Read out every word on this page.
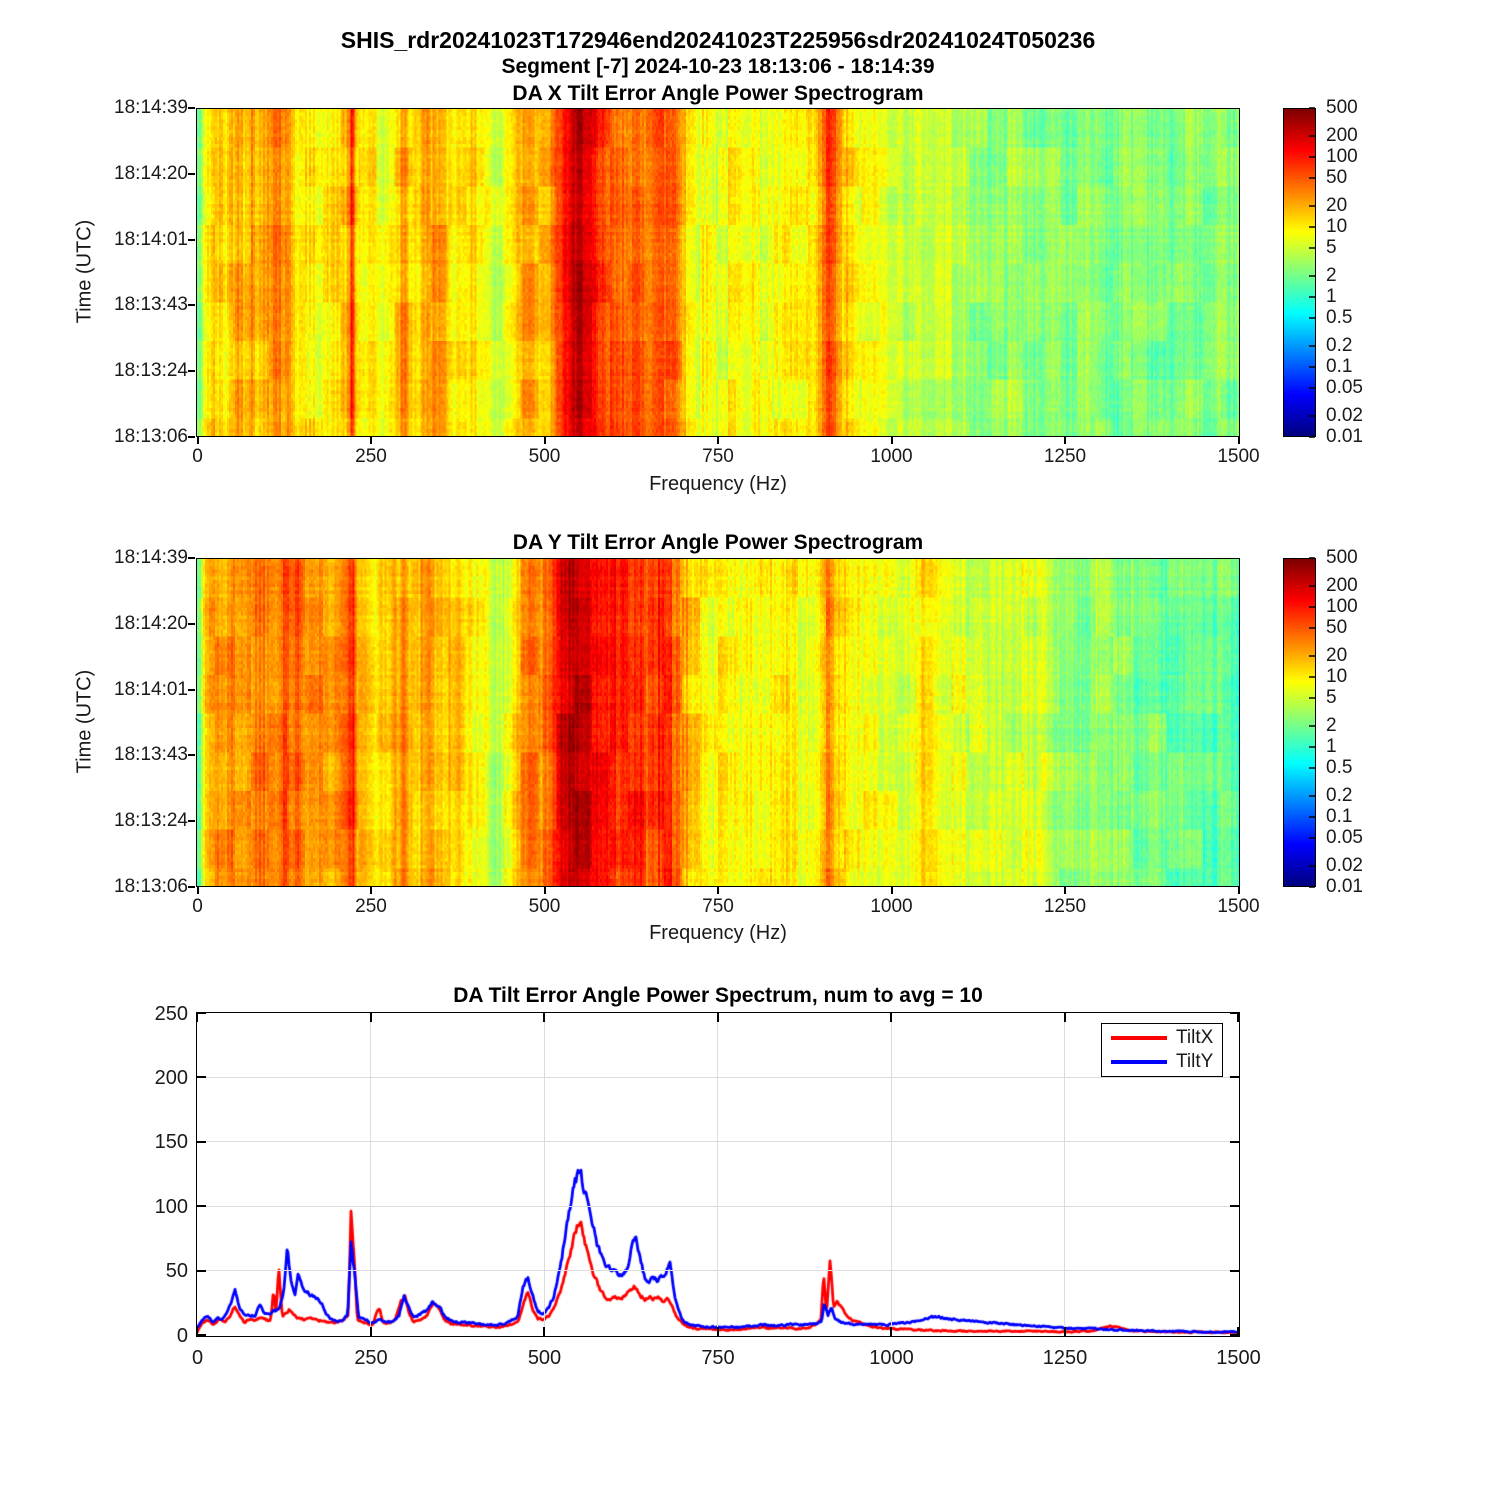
SHIS_rdr20241023T172946end20241023T225956sdr20241024T050236
Segment [-7] 2024-10-23 18:13:06 - 18:14:39
DA X Tilt Error Angle Power Spectrogram
Time (UTC)
Frequency (Hz)
DA Y Tilt Error Angle Power Spectrogram
Time (UTC)
Frequency (Hz)
DA Tilt Error Angle Power Spectrum, num to avg = 10
TiltX
TiltY
0	250	500	750	1000	1250	1500
18:14:39
18:14:20
18:14:01
18:13:43
18:13:24
18:13:06
500
200
100
50
20
10
5
2
1
0.5
0.2
0.1
0.05
0.02
0.01
0	250	500	750	1000	1250	1500
18:14:39
18:14:20
18:14:01
18:13:43
18:13:24
18:13:06
500
200
100
50
20
10
5
2
1
0.5
0.2
0.1
0.05
0.02
0.01
0	250	500	750	1000	1250	1500
0
50
100
150
200
250
